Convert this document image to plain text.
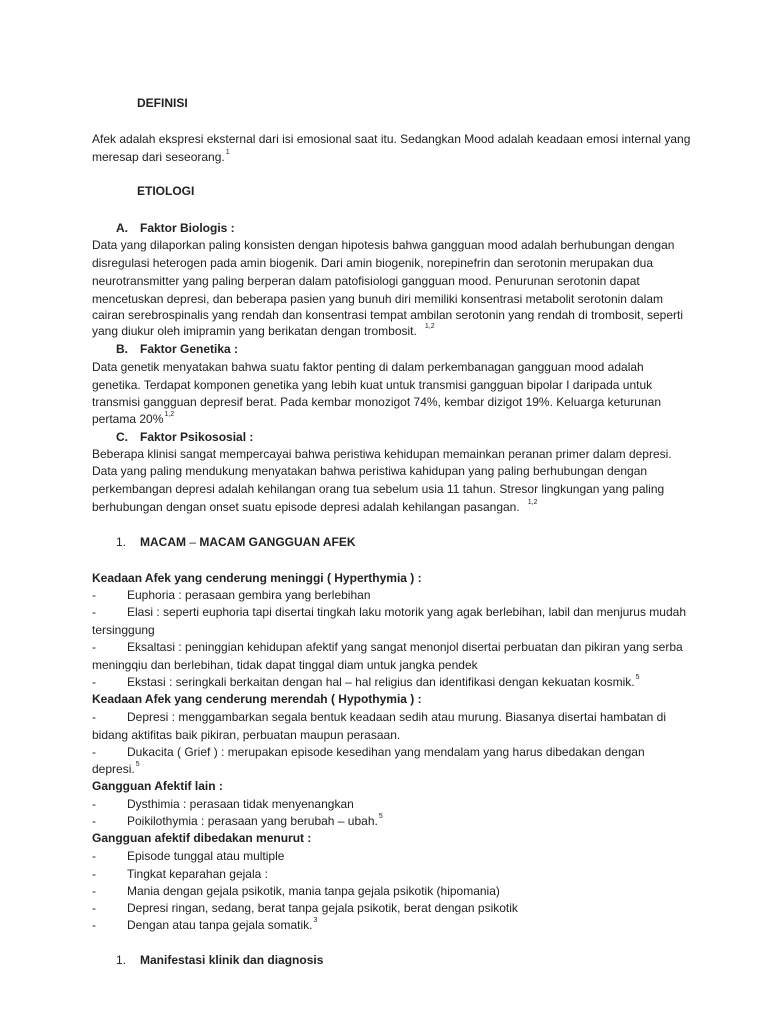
DEFINISI
Afek adalah ekspresi eksternal dari isi emosional saat itu. Sedangkan Mood adalah keadaan emosi internal yang
meresap dari seseorang.$^1$
ETIOLOGI
A. Faktor Biologis :
Data yang dilaporkan paling konsisten dengan hipotesis bahwa gangguan mood adalah berhubungan dengan
disregulasi heterogen pada amin biogenik. Dari amin biogenik, norepinefrin dan serotonin merupakan dua
neurotransmitter yang paling berperan dalam patofisiologi gangguan mood. Penurunan serotonin dapat
mencetuskan depresi, dan beberapa pasien yang bunuh diri memiliki konsentrasi metabolit serotonin dalam
cairan serebrospinalis yang rendah dan konsentrasi tempat ambilan serotonin yang rendah di trombosit, seperti
yang diukur oleh imipramin yang berikatan dengan trombosit. $^{1,2}$
B. Faktor Genetika :
Data genetik menyatakan bahwa suatu faktor penting di dalam perkembanagan gangguan mood adalah
genetika. Terdapat komponen genetika yang lebih kuat untuk transmisi gangguan bipolar I daripada untuk
transmisi gangguan depresif berat. Pada kembar monozigot 74%, kembar dizigot 19%. Keluarga keturunan
pertama 20%$^{1,2}$
C. Faktor Psikososial :
Beberapa klinisi sangat mempercayai bahwa peristiwa kehidupan memainkan peranan primer dalam depresi.
Data yang paling mendukung menyatakan bahwa peristiwa kahidupan yang paling berhubungan dengan
perkembangan depresi adalah kehilangan orang tua sebelum usia 11 tahun. Stresor lingkungan yang paling
berhubungan dengan onset suatu episode depresi adalah kehilangan pasangan. $^{1,2}$
1. MACAM – MACAM GANGGUAN AFEK
Keadaan Afek yang cenderung meninggi ( Hyperthymia ) :
-	Euphoria : perasaan gembira yang berlebihan
-	Elasi : seperti euphoria tapi disertai tingkah laku motorik yang agak berlebihan, labil dan menjurus mudah
tersinggung
-	Eksaltasi : peninggian kehidupan afektif yang sangat menonjol disertai perbuatan dan pikiran yang serba
meningqiu dan berlebihan, tidak dapat tinggal diam untuk jangka pendek
-	Ekstasi : seringkali berkaitan dengan hal – hal religius dan identifikasi dengan kekuatan kosmik.$^5$
Keadaan Afek yang cenderung merendah ( Hypothymia ) :
-	Depresi : menggambarkan segala bentuk keadaan sedih atau murung. Biasanya disertai hambatan di
bidang aktifitas baik pikiran, perbuatan maupun perasaan.
-	Dukacita ( Grief ) : merupakan episode kesedihan yang mendalam yang harus dibedakan dengan
depresi.$^5$
Gangguan Afektif lain :
-	Dysthimia : perasaan tidak menyenangkan
-	Poikilothymia : perasaan yang berubah – ubah.$^5$
Gangguan afektif dibedakan menurut :
-	Episode tunggal atau multiple
-	Tingkat keparahan gejala :
-	Mania dengan gejala psikotik, mania tanpa gejala psikotik (hipomania)
-	Depresi ringan, sedang, berat tanpa gejala psikotik, berat dengan psikotik
-	Dengan atau tanpa gejala somatik.$^3$
1. Manifestasi klinik dan diagnosis
